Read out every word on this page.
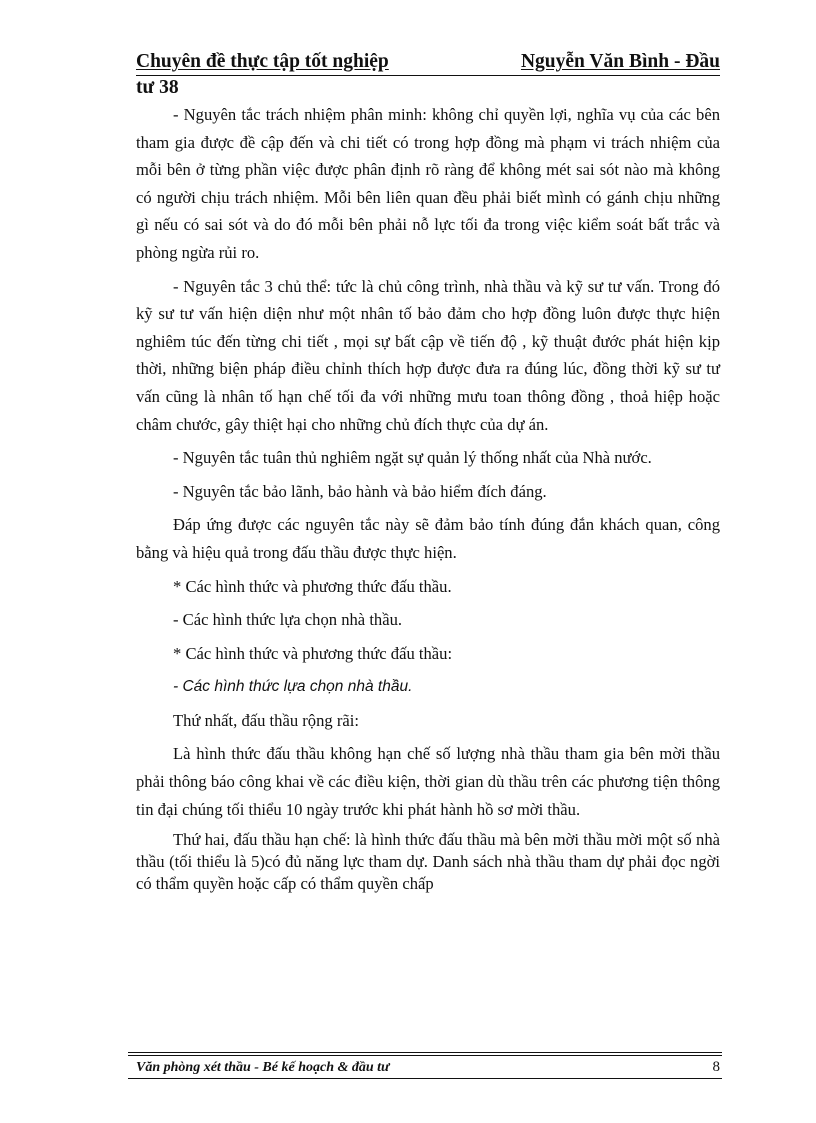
Chuyên đề thực tập tốt nghiệp	Nguyễn Văn Bình - Đầu
tư 38

- Nguyên tắc trách nhiệm phân minh: không chỉ quyền lợi, nghĩa vụ của các bên tham gia được đề cập đến và chi tiết có trong hợp đồng mà phạm vi trách nhiệm của mỗi bên ở từng phần việc được phân định rõ ràng để không mét sai sót nào mà không có người chịu trách nhiệm. Mỗi bên liên quan đều phải biết mình có gánh chịu những gì nếu có sai sót và do đó mỗi bên phải nỗ lực tối đa trong việc kiểm soát bất trắc và phòng ngừa rủi ro.

- Nguyên tắc 3 chủ thể: tức là chủ công trình, nhà thầu và kỹ sư tư vấn. Trong đó kỹ sư tư vấn hiện diện như một nhân tố bảo đảm cho hợp đồng luôn được thực hiện nghiêm túc đến từng chi tiết , mọi sự bất cập về tiến độ , kỹ thuật đước phát hiện kịp thời, những biện pháp điều chỉnh thích hợp được đưa ra đúng lúc, đồng thời kỹ sư tư vấn cũng là nhân tố hạn chế tối đa với những mưu toan thông đồng , thoả hiệp hoặc châm chước, gây thiệt hại cho những chủ đích thực của dự án.

- Nguyên tắc tuân thủ nghiêm ngặt sự quản lý thống nhất của Nhà nước.

- Nguyên tắc bảo lãnh, bảo hành và bảo hiểm đích đáng.

Đáp ứng được các nguyên tắc này sẽ đảm bảo tính đúng đắn khách quan, công bằng và hiệu quả trong đấu thầu được thực hiện.

* Các hình thức và phương thức đấu thầu.

- Các hình thức lựa chọn nhà thầu.

* Các hình thức và phương thức đấu thầu:

- Các hình thức lựa chọn nhà thầu.

Thứ nhất, đấu thầu rộng rãi:

Là hình thức đấu thầu không hạn chế số lượng nhà thầu tham gia bên mời thầu phải thông báo công khai về các điều kiện, thời gian dù thầu trên các phương tiện thông tin đại chúng tối thiểu 10 ngày trước khi phát hành hồ sơ mời thầu.

Thứ hai, đấu thầu hạn chế: là hình thức đấu thầu mà bên mời thầu mời một số nhà thầu (tối thiểu là 5)có đủ năng lực tham dự. Danh sách nhà thầu tham dự phải đọc ngời có thẩm quyền hoặc cấp có thẩm quyền chấp

Văn phòng xét thầu - Bé kế hoạch & đầu tư	8
